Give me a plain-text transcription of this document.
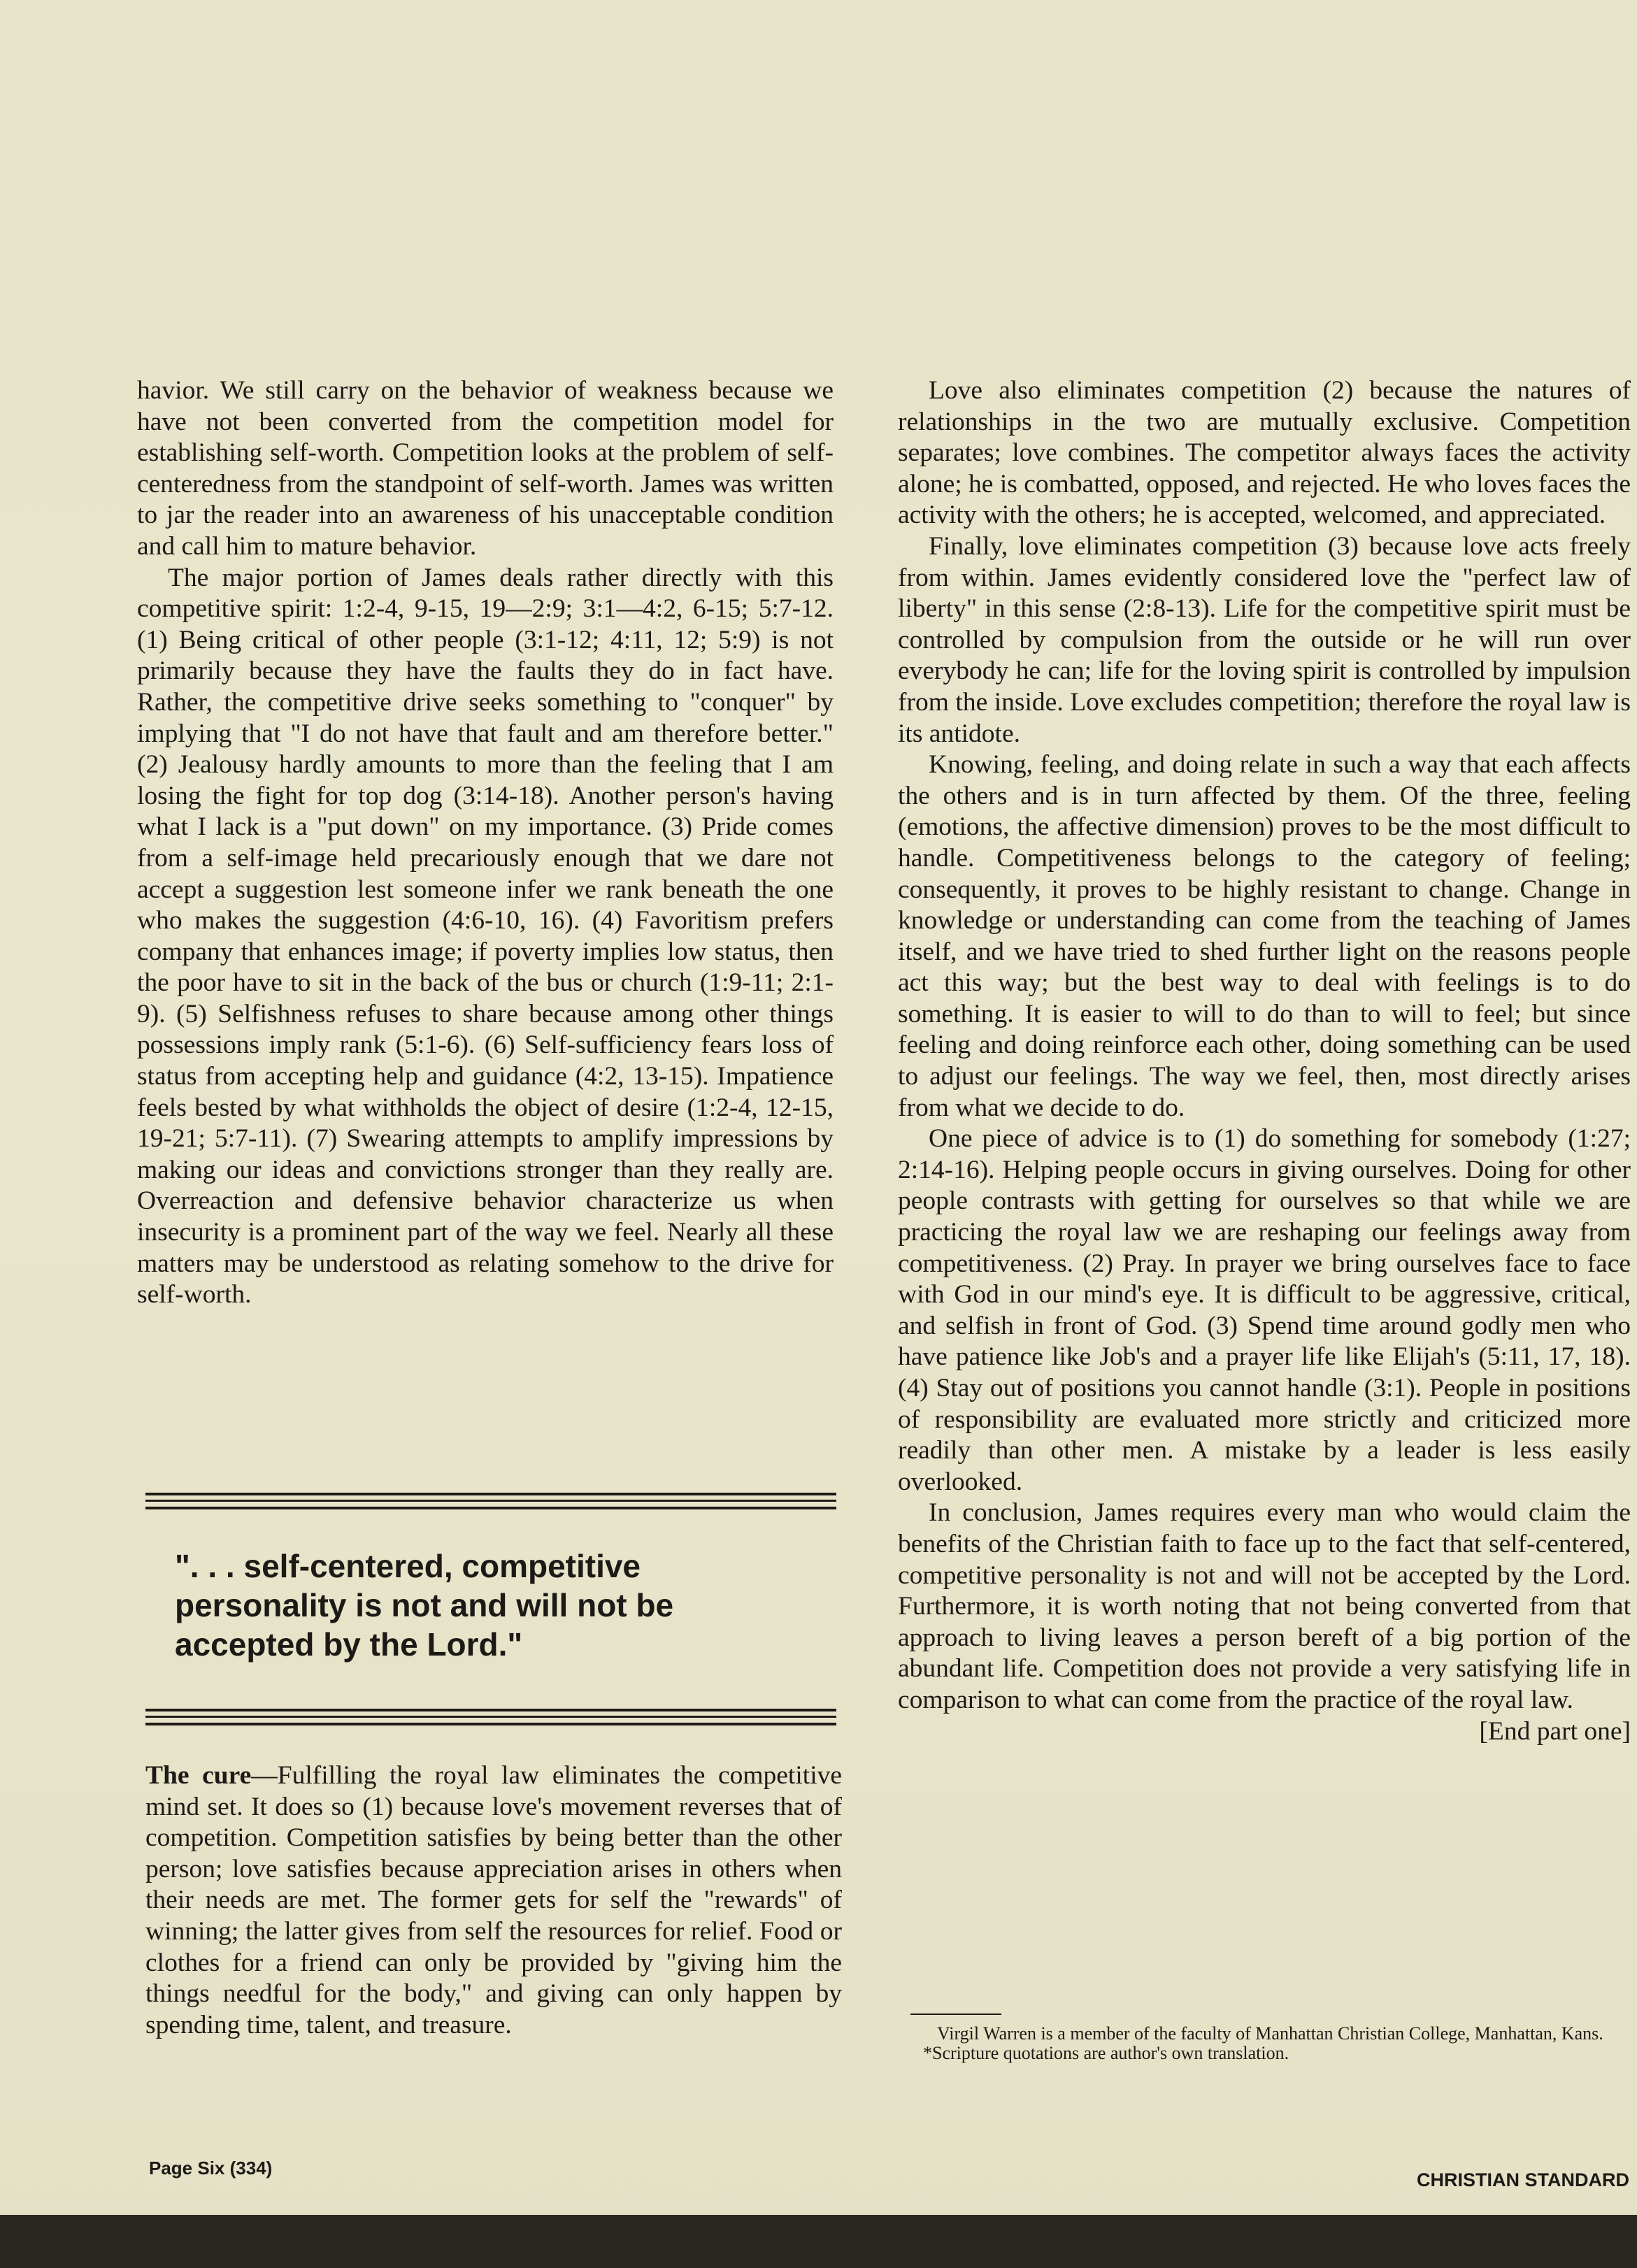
havior. We still carry on the behavior of weakness because we have not been converted from the competition model for establishing self-worth. Competition looks at the problem of self-centeredness from the standpoint of self-worth. James was written to jar the reader into an awareness of his unacceptable condition and call him to mature behavior.

The major portion of James deals rather directly with this competitive spirit: 1:2-4, 9-15, 19—2:9; 3:1—4:2, 6-15; 5:7-12. (1) Being critical of other people (3:1-12; 4:11, 12; 5:9) is not primarily because they have the faults they do in fact have. Rather, the competitive drive seeks something to "conquer" by implying that "I do not have that fault and am therefore better." (2) Jealousy hardly amounts to more than the feeling that I am losing the fight for top dog (3:14-18). Another person's having what I lack is a "put down" on my importance. (3) Pride comes from a self-image held precariously enough that we dare not accept a suggestion lest someone infer we rank beneath the one who makes the suggestion (4:6-10, 16). (4) Favoritism prefers company that enhances image; if poverty implies low status, then the poor have to sit in the back of the bus or church (1:9-11; 2:1-9). (5) Selfishness refuses to share because among other things possessions imply rank (5:1-6). (6) Self-sufficiency fears loss of status from accepting help and guidance (4:2, 13-15). Impatience feels bested by what withholds the object of desire (1:2-4, 12-15, 19-21; 5:7-11). (7) Swearing attempts to amplify impressions by making our ideas and convictions stronger than they really are. Overreaction and defensive behavior characterize us when insecurity is a prominent part of the way we feel. Nearly all these matters may be understood as relating somehow to the drive for self-worth.

". . . self-centered, competitive personality is not and will not be accepted by the Lord."

The cure—Fulfilling the royal law eliminates the competitive mind set. It does so (1) because love's movement reverses that of competition. Competition satisfies by being better than the other person; love satisfies because appreciation arises in others when their needs are met. The former gets for self the "rewards" of winning; the latter gives from self the resources for relief. Food or clothes for a friend can only be provided by "giving him the things needful for the body," and giving can only happen by spending time, talent, and treasure.

Love also eliminates competition (2) because the natures of relationships in the two are mutually exclusive. Competition separates; love combines. The competitor always faces the activity alone; he is combatted, opposed, and rejected. He who loves faces the activity with the others; he is accepted, welcomed, and appreciated.

Finally, love eliminates competition (3) because love acts freely from within. James evidently considered love the "perfect law of liberty" in this sense (2:8-13). Life for the competitive spirit must be controlled by compulsion from the outside or he will run over everybody he can; life for the loving spirit is controlled by impulsion from the inside. Love excludes competition; therefore the royal law is its antidote.

Knowing, feeling, and doing relate in such a way that each affects the others and is in turn affected by them. Of the three, feeling (emotions, the affective dimension) proves to be the most difficult to handle. Competitiveness belongs to the category of feeling; consequently, it proves to be highly resistant to change. Change in knowledge or understanding can come from the teaching of James itself, and we have tried to shed further light on the reasons people act this way; but the best way to deal with feelings is to do something. It is easier to will to do than to will to feel; but since feeling and doing reinforce each other, doing something can be used to adjust our feelings. The way we feel, then, most directly arises from what we decide to do.

One piece of advice is to (1) do something for somebody (1:27; 2:14-16). Helping people occurs in giving ourselves. Doing for other people contrasts with getting for ourselves so that while we are practicing the royal law we are reshaping our feelings away from competitiveness. (2) Pray. In prayer we bring ourselves face to face with God in our mind's eye. It is difficult to be aggressive, critical, and selfish in front of God. (3) Spend time around godly men who have patience like Job's and a prayer life like Elijah's (5:11, 17, 18). (4) Stay out of positions you cannot handle (3:1). People in positions of responsibility are evaluated more strictly and criticized more readily than other men. A mistake by a leader is less easily overlooked.

In conclusion, James requires every man who would claim the benefits of the Christian faith to face up to the fact that self-centered, competitive personality is not and will not be accepted by the Lord. Furthermore, it is worth noting that not being converted from that approach to living leaves a person bereft of a big portion of the abundant life. Competition does not provide a very satisfying life in comparison to what can come from the practice of the royal law.
[End part one]

Virgil Warren is a member of the faculty of Manhattan Christian College, Manhattan, Kans.

*Scripture quotations are author's own translation.

Page Six (334)
CHRISTIAN STANDARD
